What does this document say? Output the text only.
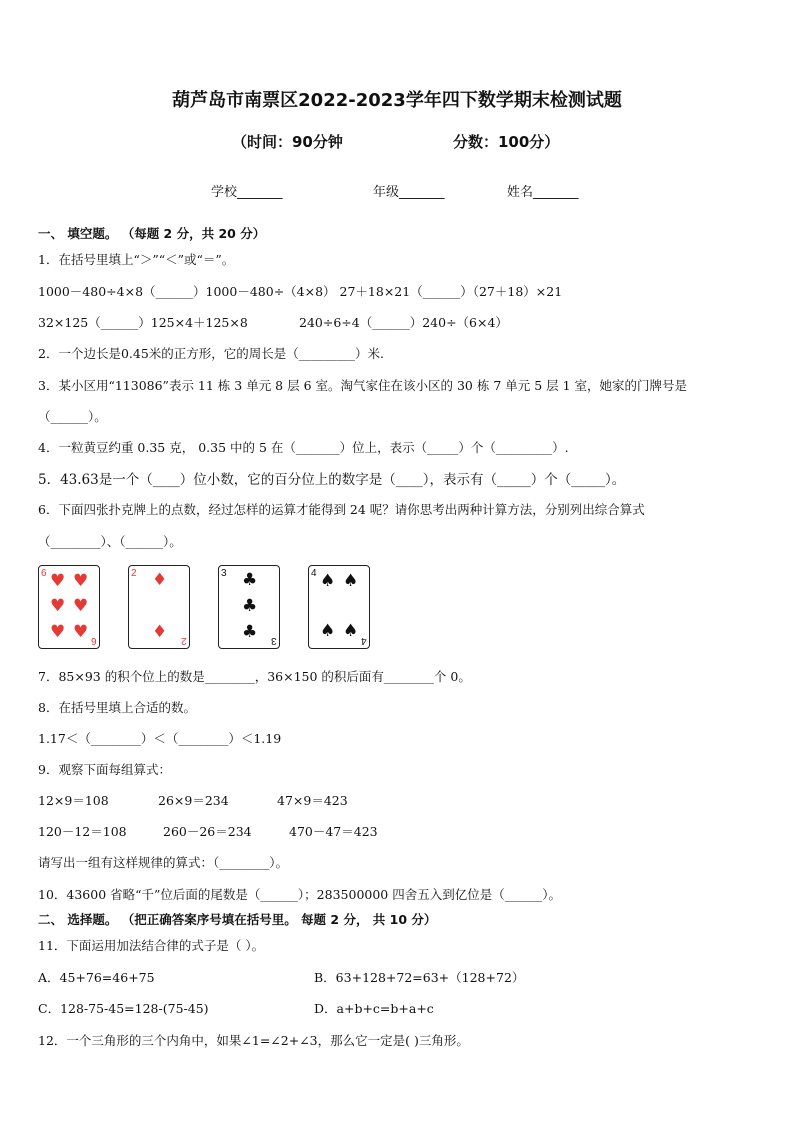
葫芦岛市南票区2022-2023学年四下数学期末检测试题
（时间：90分钟	分数：100分）
学校_______	年级_______	姓名_______
一、 填空题。 （每题 2 分，共 20 分）
1．在括号里填上“＞”“＜”或“＝”。
1000－480÷4×8（______）1000－480÷（4×8） 27＋18×21（______）（27＋18）×21
32×125（______）125×4＋125×8	240÷6÷4（______）240÷（6×4）
2．一个边长是0.45米的正方形，它的周长是（_________）米.
3．某小区用“113086”表示 11 栋 3 单元 8 层 6 室。淘气家住在该小区的 30 栋 7 单元 5 层 1 室，她家的门牌号是
（______）。
4．一粒黄豆约重 0.35 克， 0.35 中的 5 在（_______）位上，表示（_____）个（_________）.
5．43.63是一个（____）位小数，它的百分位上的数字是（____），表示有（_____）个（_____）。
6．下面四张扑克牌上的点数，经过怎样的运算才能得到 24 呢？请你思考出两种计算方法，分别列出综合算式
（________）、（______）。
6
6
♥ ♥
♥ ♥
♥ ♥
2
2
♦
♦
3
3
♣
♣
♣
4
4
♠ ♠
♠ ♠
7．85×93 的积个位上的数是________，36×150 的积后面有________个 0。
8．在括号里填上合适的数。
1.17＜（________）＜（________）＜1.19
9．观察下面每组算式：
12×9＝108	26×9＝234	47×9＝423
120－12＝108	260－26＝234	470－47＝423
请写出一组有这样规律的算式：（________）。
10．43600 省略“千”位后面的尾数是（______）；283500000 四舍五入到亿位是（______）。
二、 选择题。 （把正确答案序号填在括号里。 每题 2 分， 共 10 分）
11．下面运用加法结合律的式子是（ ）。
A．45+76=46+75	B．63+128+72=63+（128+72）
C．128-75-45=128-(75-45)	D．a+b+c=b+a+c
12．一个三角形的三个内角中，如果∠1=∠2+∠3，那么它一定是( )三角形。
